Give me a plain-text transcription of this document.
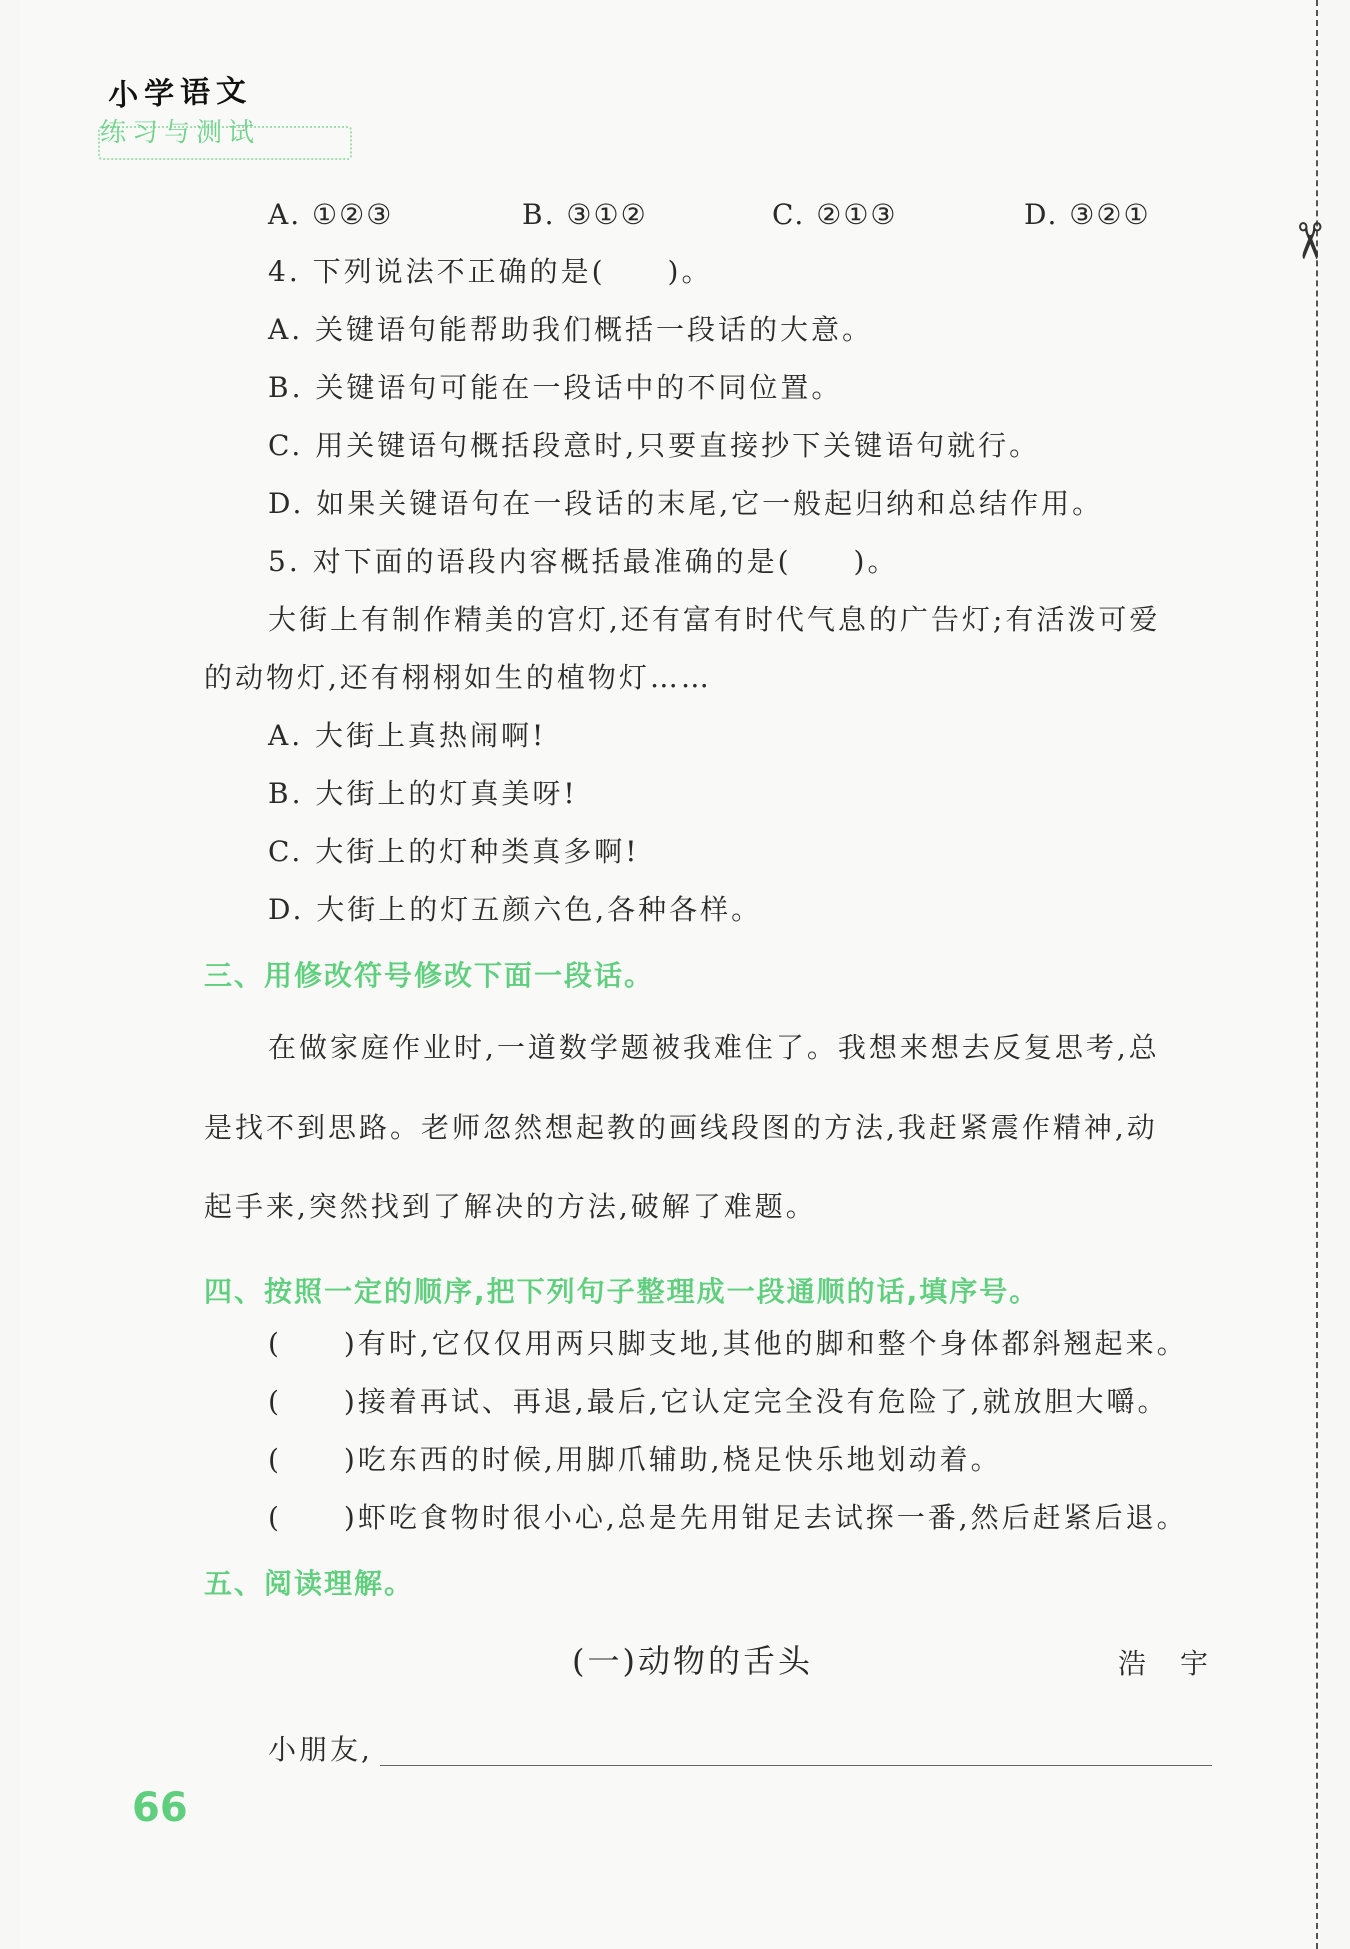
✂
小学语文
练习与测试
A. ①②③	B. ③①②	C. ②①③	D. ③②①
4. 下列说法不正确的是(　　)。
A. 关键语句能帮助我们概括一段话的大意。
B. 关键语句可能在一段话中的不同位置。
C. 用关键语句概括段意时,只要直接抄下关键语句就行。
D. 如果关键语句在一段话的末尾,它一般起归纳和总结作用。
5. 对下面的语段内容概括最准确的是(　　)。
大街上有制作精美的宫灯,还有富有时代气息的广告灯;有活泼可爱
的动物灯,还有栩栩如生的植物灯……
A. 大街上真热闹啊!
B. 大街上的灯真美呀!
C. 大街上的灯种类真多啊!
D. 大街上的灯五颜六色,各种各样。
三、用修改符号修改下面一段话。
在做家庭作业时,一道数学题被我难住了。我想来想去反复思考,总
是找不到思路。老师忽然想起教的画线段图的方法,我赶紧震作精神,动
起手来,突然找到了解决的方法,破解了难题。
四、按照一定的顺序,把下列句子整理成一段通顺的话,填序号。
(　　)有时,它仅仅用两只脚支地,其他的脚和整个身体都斜翘起来。
(　　)接着再试、再退,最后,它认定完全没有危险了,就放胆大嚼。
(　　)吃东西的时候,用脚爪辅助,桡足快乐地划动着。
(　　)虾吃食物时很小心,总是先用钳足去试探一番,然后赶紧后退。
五、阅读理解。
(一)动物的舌头	浩　宇
小朋友,
66
